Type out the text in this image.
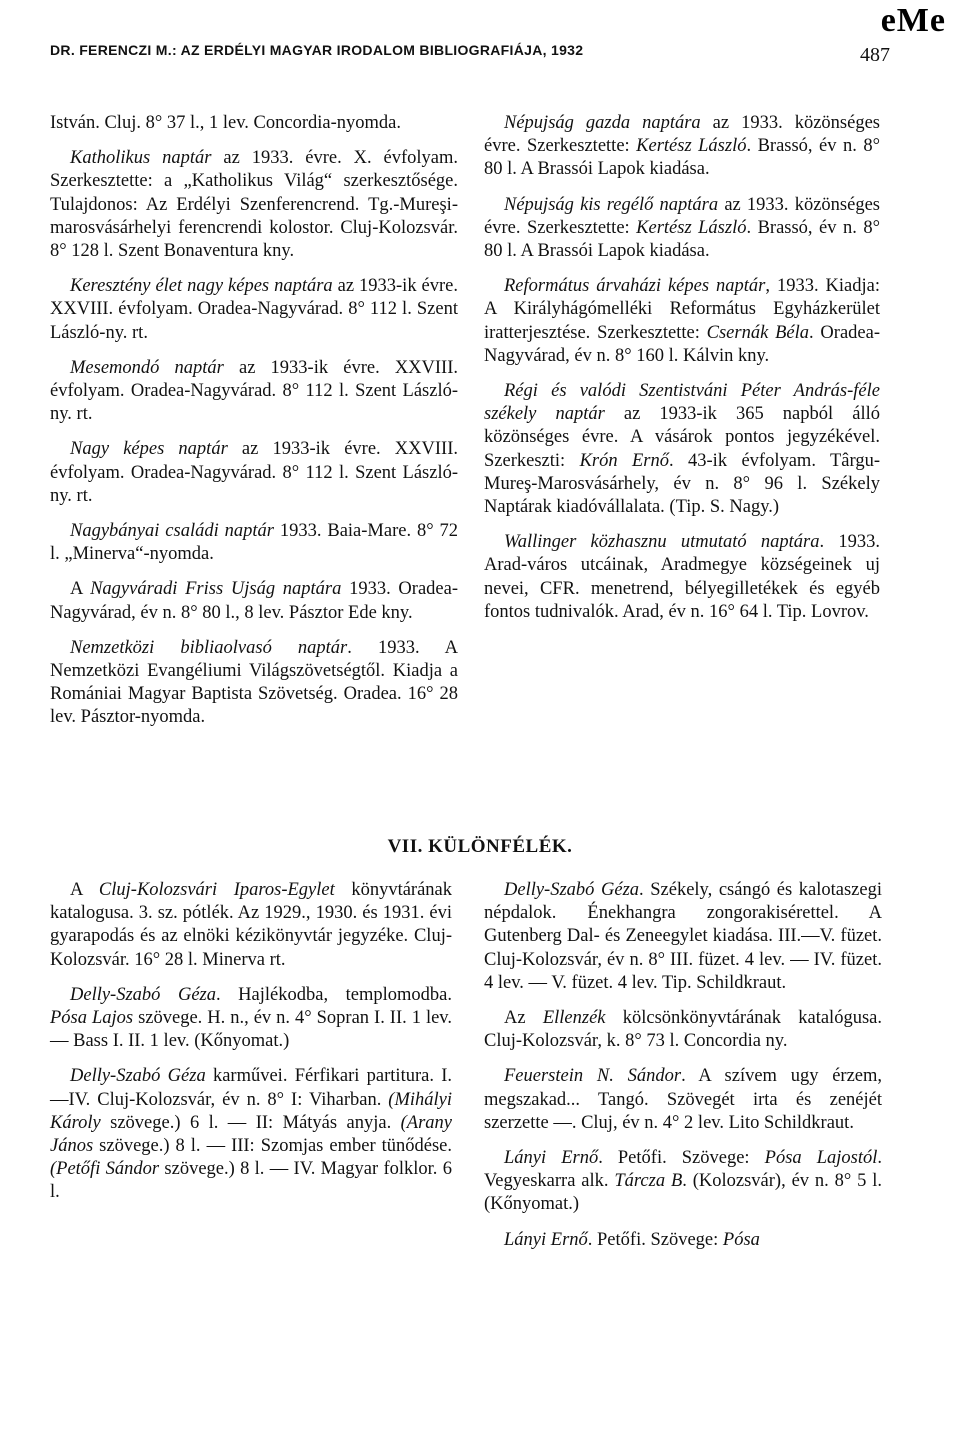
eMe
DR. FERENCZI M.: AZ ERDÉLYI MAGYAR IRODALOM BIBLIOGRAFIÁJA, 1932	487

István. Cluj. 8° 37 l., 1 lev. Concordia-nyomda.

Katholikus naptár az 1933. évre. X. évfolyam. Szerkesztette: a „Katholikus Világ“ szerkesztősége. Tulajdonos: Az Erdélyi Szenferencrend. Tg.-Mureşi-marosvásárhelyi ferencrendi kolostor. Cluj-Kolozsvár. 8° 128 l. Szent Bonaventura kny.

Keresztény élet nagy képes naptára az 1933-ik évre. XXVIII. évfolyam. Oradea-Nagyvárad. 8° 112 l. Szent László-ny. rt.

Mesemondó naptár az 1933-ik évre. XXVIII. évfolyam. Oradea-Nagyvárad. 8° 112 l. Szent László-ny. rt.

Nagy képes naptár az 1933-ik évre. XXVIII. évfolyam. Oradea-Nagyvárad. 8° 112 l. Szent László-ny. rt.

Nagybányai családi naptár 1933. Baia-Mare. 8° 72 l. „Minerva“-nyomda.

A Nagyváradi Friss Ujság naptára 1933. Oradea-Nagyvárad, év n. 8° 80 l., 8 lev. Pásztor Ede kny.

Nemzetközi bibliaolvasó naptár. 1933. A Nemzetközi Evangéliumi Világszövetségtől. Kiadja a Romániai Magyar Baptista Szövetség. Oradea. 16° 28 lev. Pásztor-nyomda.

Népujság gazda naptára az 1933. közönséges évre. Szerkesztette: Kertész László. Brassó, év n. 8° 80 l. A Brassói Lapok kiadása.

Népujság kis regélő naptára az 1933. közönséges évre. Szerkesztette: Kertész László. Brassó, év n. 8° 80 l. A Brassói Lapok kiadása.

Református árvaházi képes naptár, 1933. Kiadja: A Királyhágómelléki Református Egyházkerület iratterjesztése. Szerkesztette: Csernák Béla. Oradea-Nagyvárad, év n. 8° 160 l. Kálvin kny.

Régi és valódi Szentistváni Péter András-féle székely naptár az 1933-ik 365 napból álló közönséges évre. A vásárok pontos jegyzékével. Szerkeszti: Krón Ernő. 43-ik évfolyam. Târgu-Mureş-Marosvásárhely, év n. 8° 96 l. Székely Naptárak kiadóvállalata. (Tip. S. Nagy.)

Wallinger közhasznu utmutató naptára. 1933. Arad-város utcáinak, Aradmegye községeinek uj nevei, CFR. menetrend, bélyegilletékek és egyéb fontos tudnivalók. Arad, év n. 16° 64 l. Tip. Lovrov.

VII. KÜLÖNFÉLÉK.

A Cluj-Kolozsvári Iparos-Egylet könyvtárának katalogusa. 3. sz. pótlék. Az 1929., 1930. és 1931. évi gyarapodás és az elnöki kézikönyvtár jegyzéke. Cluj-Kolozsvár. 16° 28 l. Minerva rt.

Delly-Szabó Géza. Hajlékodba, templomodba. Pósa Lajos szövege. H. n., év n. 4° Sopran I. II. 1 lev. — Bass I. II. 1 lev. (Kőnyomat.)

Delly-Szabó Géza karművei. Férfikari partitura. I.—IV. Cluj-Kolozsvár, év n. 8° I: Viharban. (Mihályi Károly szövege.) 6 l. — II: Mátyás anyja. (Arany János szövege.) 8 l. — III: Szomjas ember tünődése. (Petőfi Sándor szövege.) 8 l. — IV. Magyar folklor. 6 l.

Delly-Szabó Géza. Székely, csángó és kalotaszegi népdalok. Énekhangra zongorakisérettel. A Gutenberg Dal- és Zeneegylet kiadása. III.—V. füzet. Cluj-Kolozsvár, év n. 8° III. füzet. 4 lev. — IV. füzet. 4 lev. — V. füzet. 4 lev. Tip. Schildkraut.

Az Ellenzék kölcsönkönyvtárának katalógusa. Cluj-Kolozsvár, k. 8° 73 l. Concordia ny.

Feuerstein N. Sándor. A szívem ugy érzem, megszakad... Tangó. Szövegét irta és zenéjét szerzette —. Cluj, év n. 4° 2 lev. Lito Schildkraut.

Lányi Ernő. Petőfi. Szövege: Pósa Lajostól. Vegyeskarra alk. Tárcza B. (Kolozsvár), év n. 8° 5 l. (Kőnyomat.)

Lányi Ernő. Petőfi. Szövege: Pósa
